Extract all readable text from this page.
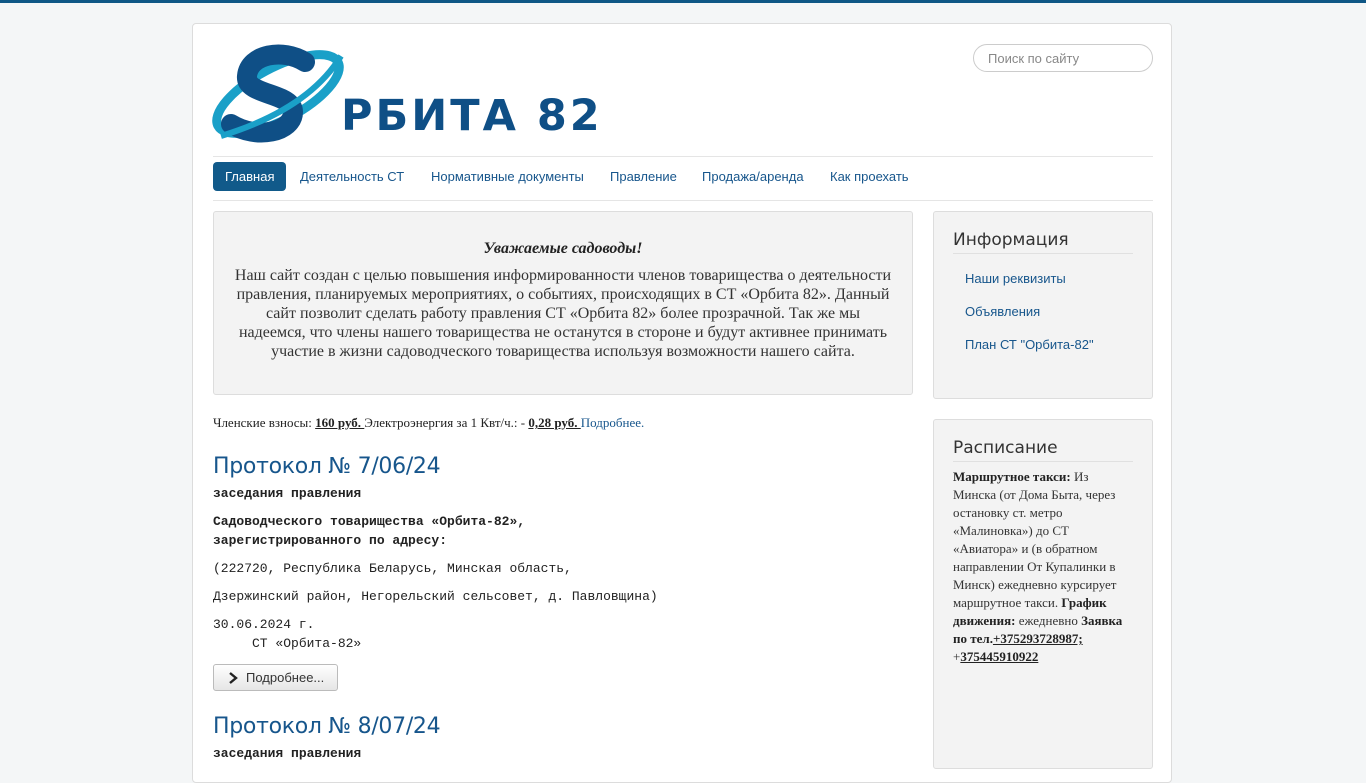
РБИТА 82
Поиск по сайту
Главная	Деятельность СТ	Нормативные документы	Правление	Продажа/аренда	Как проехать
Уважаемые садоводы!

Наш сайт создан с целью повышения информированности членов товарищества о деятельности правления, планируемых мероприятиях, о событиях, происходящих в СТ «Орбита 82». Данный сайт позволит сделать работу правления СТ «Орбита 82» более прозрачной. Так же мы надеемся, что члены нашего товарищества не останутся в стороне и будут активнее принимать участие в жизни садоводческого товарищества используя возможности нашего сайта.

Членские взносы: 160 руб. Электроэнергия за 1 Квт/ч.: - 0,28 руб. Подробнее.
Протокол № 7/06/24

заседания правления

Садоводческого товарищества «Орбита-82»,
зарегистрированного по адресу:

(222720, Республика Беларусь, Минская область,

Дзержинский район, Негорельский сельсовет, д. Павловщина)

30.06.2024 г.
СТ «Орбита-82»

Подробнее...
Протокол № 8/07/24

заседания правления

Информация
Наши реквизиты
Объявления
План СТ "Орбита-82"
Расписание
Маршрутное такси: Из Минска (от Дома Быта, через остановку ст. метро «Малиновка») до СТ «Авиатора» и (в обратном направлении От Купалинки в Минск) ежедневно курсирует маршрутное такси. График движения: ежедневно Заявка по тел.+375293728987; +375445910922
